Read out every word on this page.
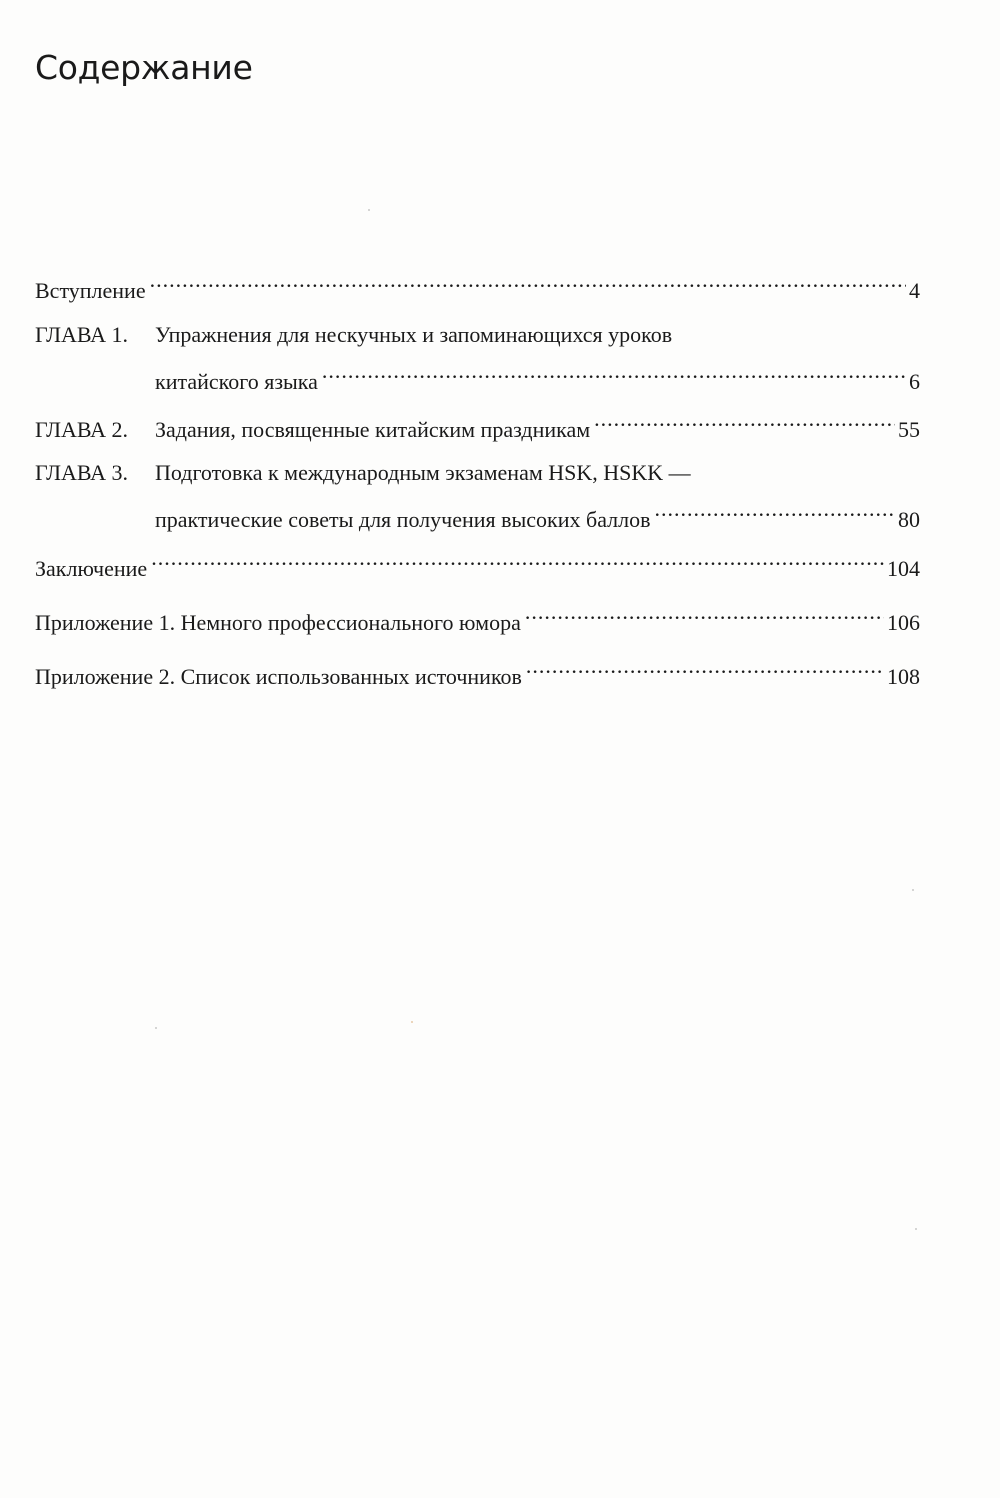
Содержание
Вступление .....	4
ГЛАВА 1.	Упражнения для нескучных и запоминающихся уроков
китайского языка .....	6
ГЛАВА 2.	Задания, посвященные китайским праздникам .....	55
ГЛАВА 3.	Подготовка к международным экзаменам HSK, HSKK —
практические советы для получения высоких баллов .....	80
Заключение .....	104
Приложение 1. Немного профессионального юмора .....	106
Приложение 2. Список использованных источников .....	108
